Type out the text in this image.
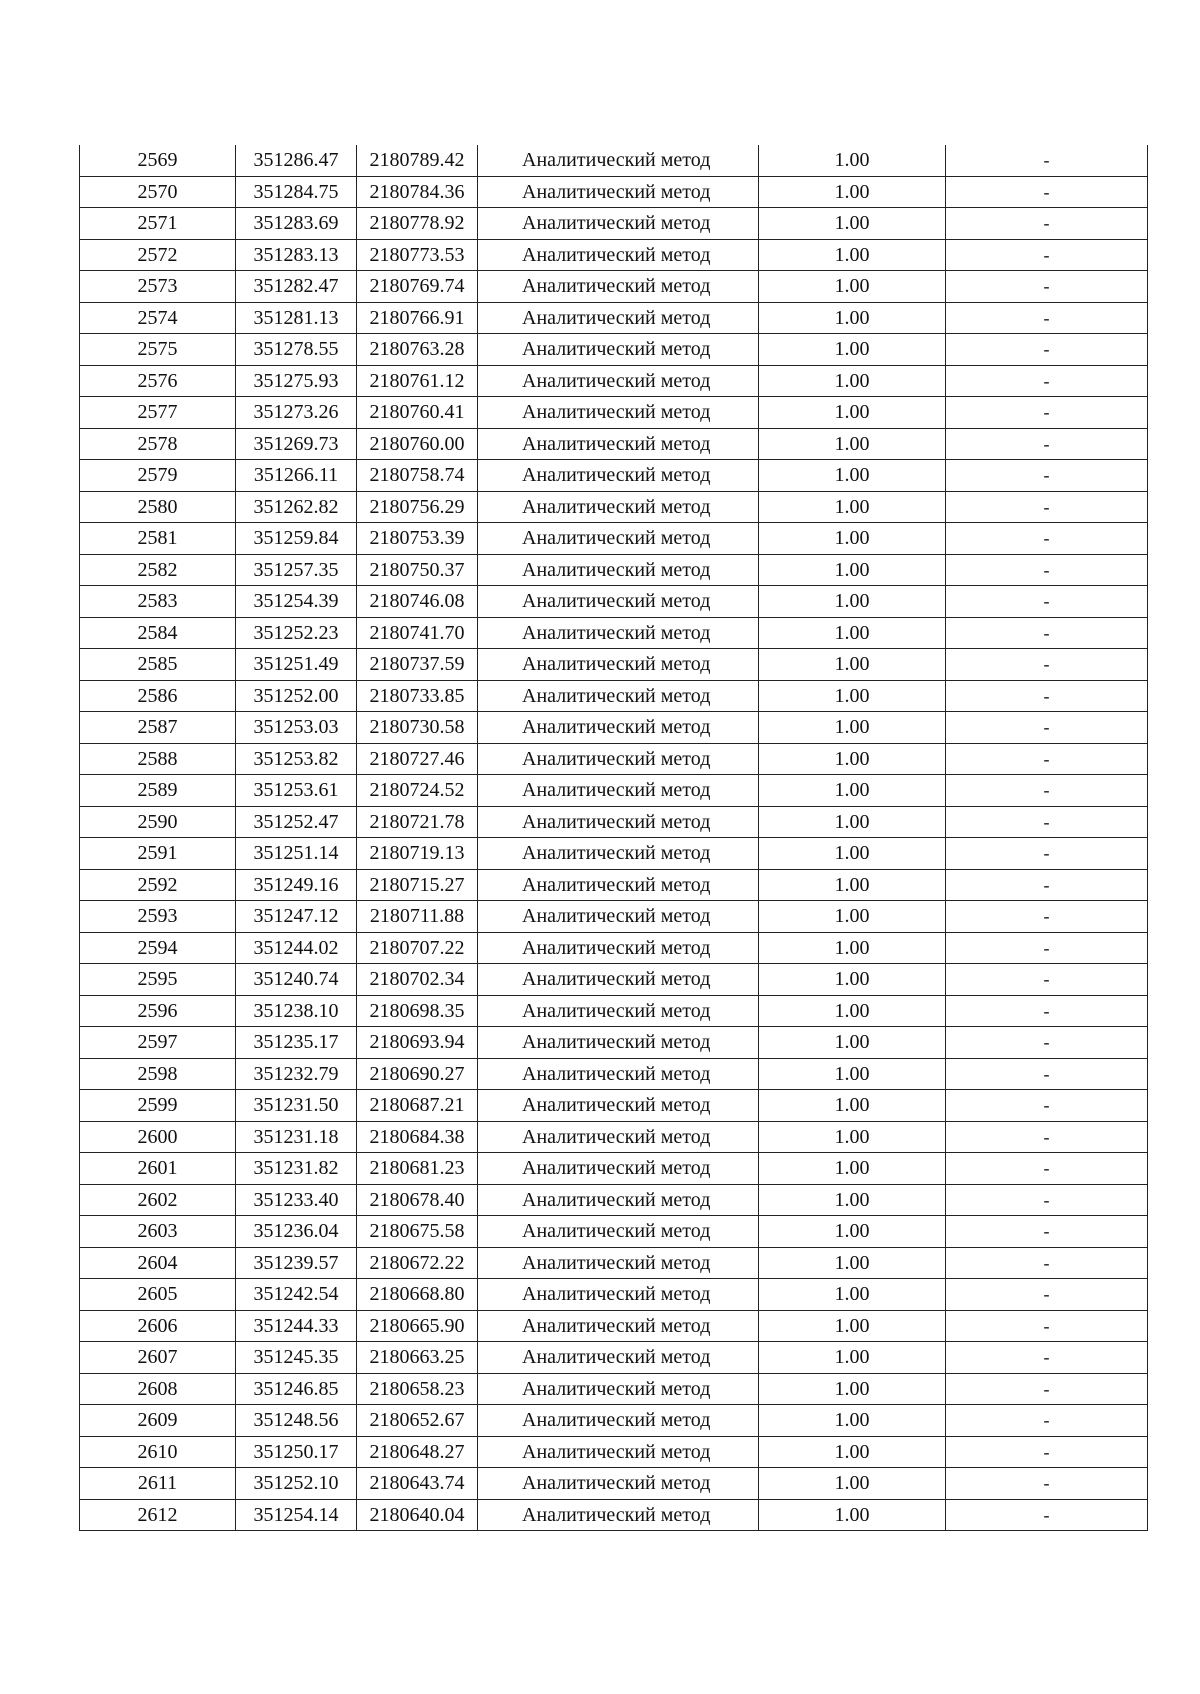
2569	351286.47	2180789.42	Аналитический метод	1.00	-
2570	351284.75	2180784.36	Аналитический метод	1.00	-
2571	351283.69	2180778.92	Аналитический метод	1.00	-
2572	351283.13	2180773.53	Аналитический метод	1.00	-
2573	351282.47	2180769.74	Аналитический метод	1.00	-
2574	351281.13	2180766.91	Аналитический метод	1.00	-
2575	351278.55	2180763.28	Аналитический метод	1.00	-
2576	351275.93	2180761.12	Аналитический метод	1.00	-
2577	351273.26	2180760.41	Аналитический метод	1.00	-
2578	351269.73	2180760.00	Аналитический метод	1.00	-
2579	351266.11	2180758.74	Аналитический метод	1.00	-
2580	351262.82	2180756.29	Аналитический метод	1.00	-
2581	351259.84	2180753.39	Аналитический метод	1.00	-
2582	351257.35	2180750.37	Аналитический метод	1.00	-
2583	351254.39	2180746.08	Аналитический метод	1.00	-
2584	351252.23	2180741.70	Аналитический метод	1.00	-
2585	351251.49	2180737.59	Аналитический метод	1.00	-
2586	351252.00	2180733.85	Аналитический метод	1.00	-
2587	351253.03	2180730.58	Аналитический метод	1.00	-
2588	351253.82	2180727.46	Аналитический метод	1.00	-
2589	351253.61	2180724.52	Аналитический метод	1.00	-
2590	351252.47	2180721.78	Аналитический метод	1.00	-
2591	351251.14	2180719.13	Аналитический метод	1.00	-
2592	351249.16	2180715.27	Аналитический метод	1.00	-
2593	351247.12	2180711.88	Аналитический метод	1.00	-
2594	351244.02	2180707.22	Аналитический метод	1.00	-
2595	351240.74	2180702.34	Аналитический метод	1.00	-
2596	351238.10	2180698.35	Аналитический метод	1.00	-
2597	351235.17	2180693.94	Аналитический метод	1.00	-
2598	351232.79	2180690.27	Аналитический метод	1.00	-
2599	351231.50	2180687.21	Аналитический метод	1.00	-
2600	351231.18	2180684.38	Аналитический метод	1.00	-
2601	351231.82	2180681.23	Аналитический метод	1.00	-
2602	351233.40	2180678.40	Аналитический метод	1.00	-
2603	351236.04	2180675.58	Аналитический метод	1.00	-
2604	351239.57	2180672.22	Аналитический метод	1.00	-
2605	351242.54	2180668.80	Аналитический метод	1.00	-
2606	351244.33	2180665.90	Аналитический метод	1.00	-
2607	351245.35	2180663.25	Аналитический метод	1.00	-
2608	351246.85	2180658.23	Аналитический метод	1.00	-
2609	351248.56	2180652.67	Аналитический метод	1.00	-
2610	351250.17	2180648.27	Аналитический метод	1.00	-
2611	351252.10	2180643.74	Аналитический метод	1.00	-
2612	351254.14	2180640.04	Аналитический метод	1.00	-
